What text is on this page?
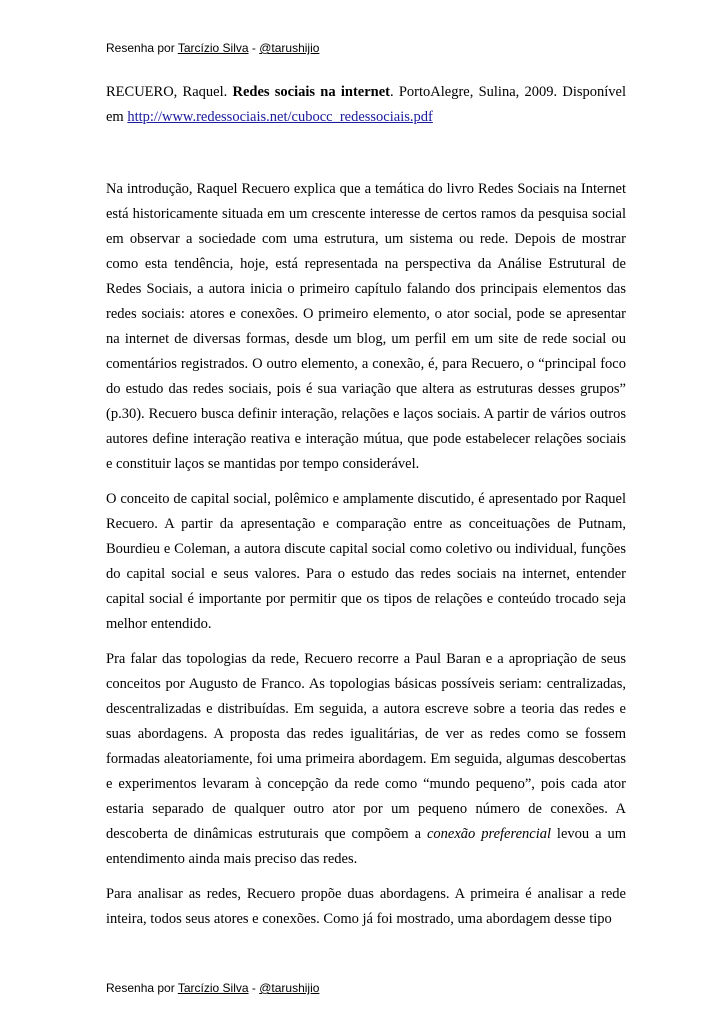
Resenha por Tarcízio Silva - @tarushijio

RECUERO, Raquel. Redes sociais na internet. PortoAlegre, Sulina, 2009. Disponível em http://www.redessociais.net/cubocc_redessociais.pdf

Na introdução, Raquel Recuero explica que a temática do livro Redes Sociais na Internet está historicamente situada em um crescente interesse de certos ramos da pesquisa social em observar a sociedade com uma estrutura, um sistema ou rede. Depois de mostrar como esta tendência, hoje, está representada na perspectiva da Análise Estrutural de Redes Sociais, a autora inicia o primeiro capítulo falando dos principais elementos das redes sociais: atores e conexões. O primeiro elemento, o ator social, pode se apresentar na internet de diversas formas, desde um blog, um perfil em um site de rede social ou comentários registrados. O outro elemento, a conexão, é, para Recuero, o “principal foco do estudo das redes sociais, pois é sua variação que altera as estruturas desses grupos” (p.30). Recuero busca definir interação, relações e laços sociais. A partir de vários outros autores define interação reativa e interação mútua, que pode estabelecer relações sociais e constituir laços se mantidas por tempo considerável.

O conceito de capital social, polêmico e amplamente discutido, é apresentado por Raquel Recuero. A partir da apresentação e comparação entre as conceituações de Putnam, Bourdieu e Coleman, a autora discute capital social como coletivo ou individual, funções do capital social e seus valores. Para o estudo das redes sociais na internet, entender capital social é importante por permitir que os tipos de relações e conteúdo trocado seja melhor entendido.

Pra falar das topologias da rede, Recuero recorre a Paul Baran e a apropriação de seus conceitos por Augusto de Franco. As topologias básicas possíveis seriam: centralizadas, descentralizadas e distribuídas. Em seguida, a autora escreve sobre a teoria das redes e suas abordagens. A proposta das redes igualitárias, de ver as redes como se fossem formadas aleatoriamente, foi uma primeira abordagem. Em seguida, algumas descobertas e experimentos levaram à concepção da rede como “mundo pequeno”, pois cada ator estaria separado de qualquer outro ator por um pequeno número de conexões. A descoberta de dinâmicas estruturais que compõem a conexão preferencial levou a um entendimento ainda mais preciso das redes.

Para analisar as redes, Recuero propõe duas abordagens. A primeira é analisar a rede inteira, todos seus atores e conexões. Como já foi mostrado, uma abordagem desse tipo

Resenha por Tarcízio Silva - @tarushijio
